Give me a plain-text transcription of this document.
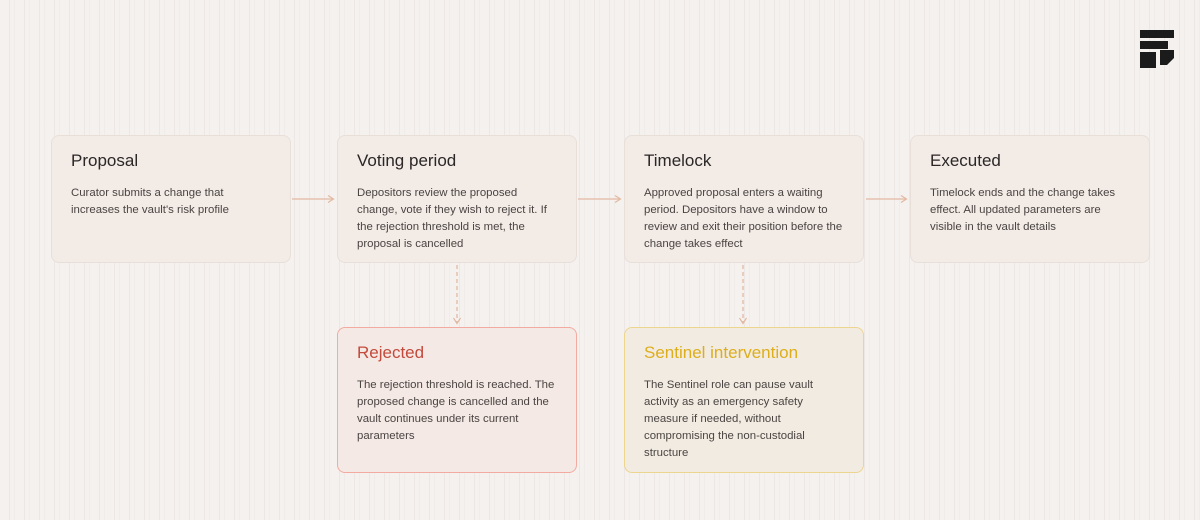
Proposal

Curator submits a change that increases the vault's risk profile

Voting period

Depositors review the proposed change, vote if they wish to reject it. If the rejection threshold is met, the proposal is cancelled

Timelock

Approved proposal enters a waiting period. Depositors have a window to review and exit their position before the change takes effect

Executed

Timelock ends and the change takes effect. All updated parameters are visible in the vault details

Rejected

The rejection threshold is reached. The proposed change is cancelled and the vault continues under its current parameters

Sentinel intervention

The Sentinel role can pause vault activity as an emergency safety measure if needed, without compromising the non-custodial structure
